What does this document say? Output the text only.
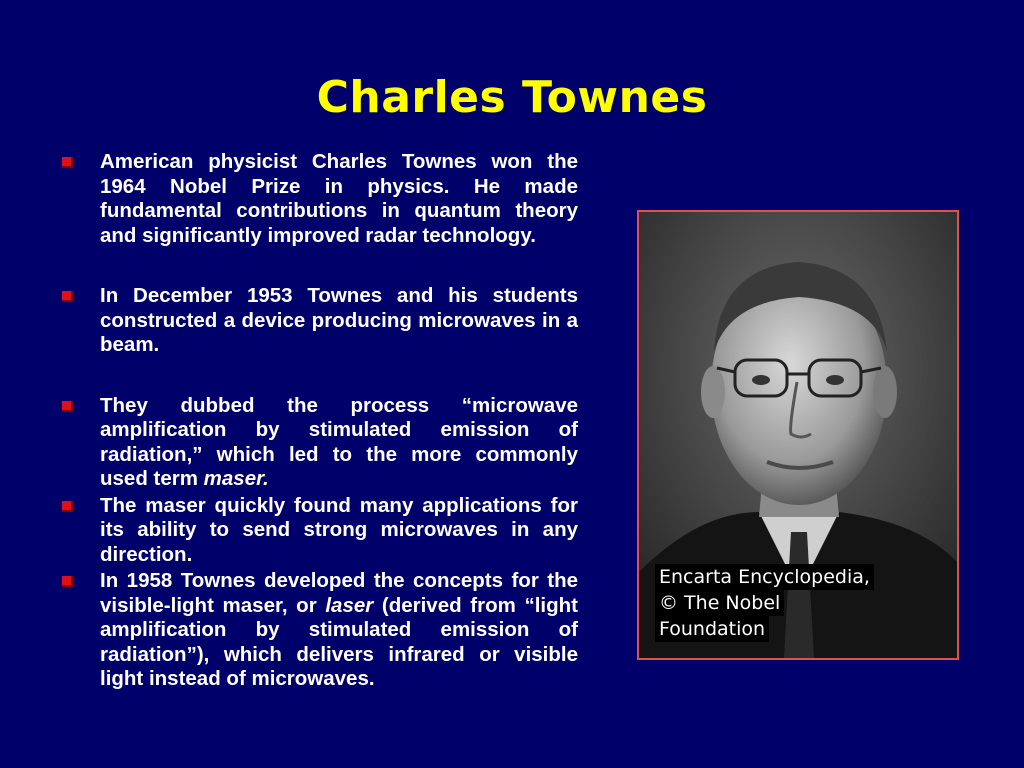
Charles Townes
American physicist Charles Townes won the 1964 Nobel Prize in physics. He made fundamental contributions in quantum theory and significantly improved radar technology.
In December 1953 Townes and his students constructed a device producing microwaves in a beam.
They dubbed the process “microwave amplification by stimulated emission of radiation,” which led to the more commonly used term maser.
The maser quickly found many applications for its ability to send strong microwaves in any direction.
In 1958 Townes developed the concepts for the visible-light maser, or laser (derived from “light amplification by stimulated emission of radiation”), which delivers infrared or visible light instead of microwaves.
Encarta Encyclopedia,
© The Nobel
Foundation
